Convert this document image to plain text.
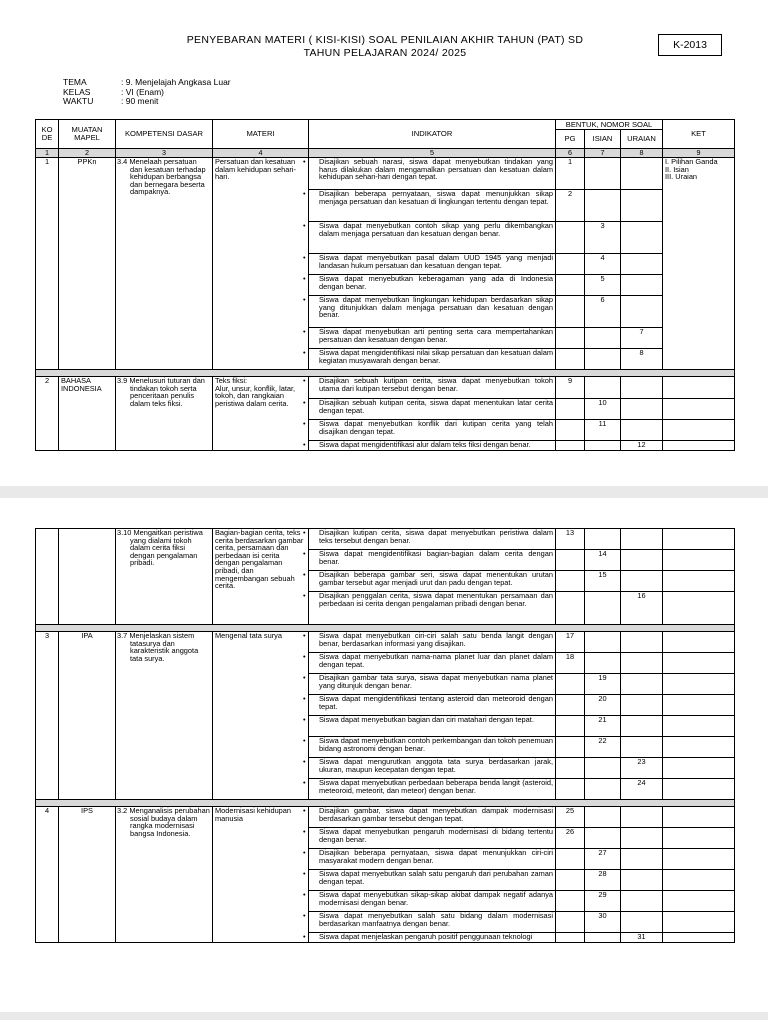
PENYEBARAN MATERI ( KISI-KISI) SOAL PENILAIAN AKHIR TAHUN (PAT) SD
TAHUN PELAJARAN 2024/ 2025
K-2013
TEMA	: 9. Menjelajah Angkasa Luar
KELAS	: VI (Enam)
WAKTU	: 90 menit
KO DE	MUATAN MAPEL	KOMPETENSI DASAR	MATERI	INDIKATOR	BENTUK, NOMOR SOAL			KET
					PG	ISIAN	URAIAN	
1	2	3	4	5	6	7	8	9
1	PPKn	3.4 Menelaah persatuan dan kesatuan terhadap kehidupan berbangsa dan bernegara beserta dampaknya.	Persatuan dan kesatuan dalam kehidupan sehari-hari.	• Disajikan sebuah narasi, siswa dapat menyebutkan tindakan yang harus dilakukan dalam mengamalkan persatuan dan kesatuan dalam kehidupan sehari-hari dengan tepat.	1			I. Pilihan Ganda
II. Isian
III. Uraian
				• Disajikan beberapa pernyataan, siswa dapat menunjukkan sikap menjaga persatuan dan kesatuan di lingkungan tertentu dengan tepat.	2			
				• Siswa dapat menyebutkan contoh sikap yang perlu dikembangkan dalam menjaga persatuan dan kesatuan dengan benar.		3		
				• Siswa dapat menyebutkan pasal dalam UUD 1945 yang menjadi landasan hukum persatuan dan kesatuan dengan tepat.		4		
				• Siswa dapat menyebutkan keberagaman yang ada di Indonesia dengan benar.		5		
				• Siswa dapat menyebutkan lingkungan kehidupan berdasarkan sikap yang ditunjukkan dalam menjaga persatuan dan kesatuan dengan benar.		6		
				• Siswa dapat menyebutkan arti penting serta cara mempertahankan persatuan dan kesatuan dengan benar.			7	
				• Siswa dapat mengidentifikasi nilai sikap persatuan dan kesatuan dalam kegiatan musyawarah dengan benar.			8	

2	BAHASA INDONESIA	3.9 Menelusuri tuturan dan tindakan tokoh serta penceritaan penulis dalam teks fiksi.	Teks fiksi:
Alur, unsur, konflik, latar, tokoh, dan rangkaian peristiwa dalam cerita.	• Disajikan sebuah kutipan cerita, siswa dapat menyebutkan tokoh utama dari kutipan tersebut dengan benar.	9			
				• Disajikan sebuah kutipan cerita, siswa dapat menentukan latar cerita dengan tepat.		10		
				• Siswa dapat menyebutkan konflik dari kutipan cerita yang telah disajikan dengan tepat.		11		
				• Siswa dapat mengidentifikasi alur dalam teks fiksi dengan benar.			12	
		3.10 Mengaitkan peristiwa yang dialami tokoh dalam cerita fiksi dengan pengalaman pribadi.	Bagian-bagian cerita, teks cerita berdasarkan gambar cerita, persamaan dan perbedaan isi cerita dengan pengalaman pribadi, dan mengembangan sebuah cerita.	• Disajikan kutipan cerita, siswa dapat menyebutkan peristiwa dalam teks tersebut dengan benar.	13			
				• Siswa dapat mengidentifikasi bagian-bagian dalam cerita dengan benar.		14		
				• Disajikan beberapa gambar seri, siswa dapat menentukan urutan gambar tersebut agar menjadi urut dan padu dengan tepat.		15		
				• Disajikan penggalan cerita, siswa dapat menentukan persamaan dan perbedaan isi cerita dengan pengalaman pribadi dengan benar.			16	

3	IPA	3.7 Menjelaskan sistem tatasurya dan karakteristik anggota tata surya.	Mengenal tata surya	• Siswa dapat menyebutkan ciri-ciri salah satu benda langit dengan benar, berdasarkan informasi yang disajikan.	17			
				• Siswa dapat menyebutkan nama-nama planet luar dan planet dalam dengan tepat.	18			
				• Disajikan gambar tata surya, siswa dapat menyebutkan nama planet yang ditunjuk dengan benar.		19		
				• Siswa dapat mengidentifikasi tentang asteroid dan meteoroid dengan tepat.		20		
				• Siswa dapat menyebutkan bagian dan ciri matahari dengan tepat.		21		
				• Siswa dapat menyebutkan contoh perkembangan dan tokoh penemuan bidang astronomi dengan benar.		22		
				• Siswa dapat mengurutkan anggota tata surya berdasarkan jarak, ukuran, maupun kecepatan dengan tepat.			23	
				• Siswa dapat menyebutkan perbedaan beberapa benda langit (asteroid, meteoroid, meteorit, dan meteor) dengan benar.			24	

4	IPS	3.2 Menganalisis perubahan sosial budaya dalam rangka modernisasi bangsa Indonesia.	Modernisasi kehidupan manusia	• Disajikan gambar, siswa dapat menyebutkan dampak modernisasi berdasarkan gambar tersebut dengan tepat.	25			
				• Siswa dapat menyebutkan pengaruh modernisasi di bidang tertentu dengan benar.	26			
				• Disajikan beberapa pernyataan, siswa dapat menunjukkan ciri-ciri masyarakat modern dengan benar.		27		
				• Siswa dapat menyebutkan salah satu pengaruh dari perubahan zaman dengan tepat.		28		
				• Siswa dapat menyebutkan sikap-sikap akibat dampak negatif adanya modernisasi dengan benar.		29		
				• Siswa dapat menyebutkan salah satu bidang dalam modernisasi berdasarkan manfaatnya dengan benar.		30		
				• Siswa dapat menjelaskan pengaruh positif penggunaan teknologi			31	
